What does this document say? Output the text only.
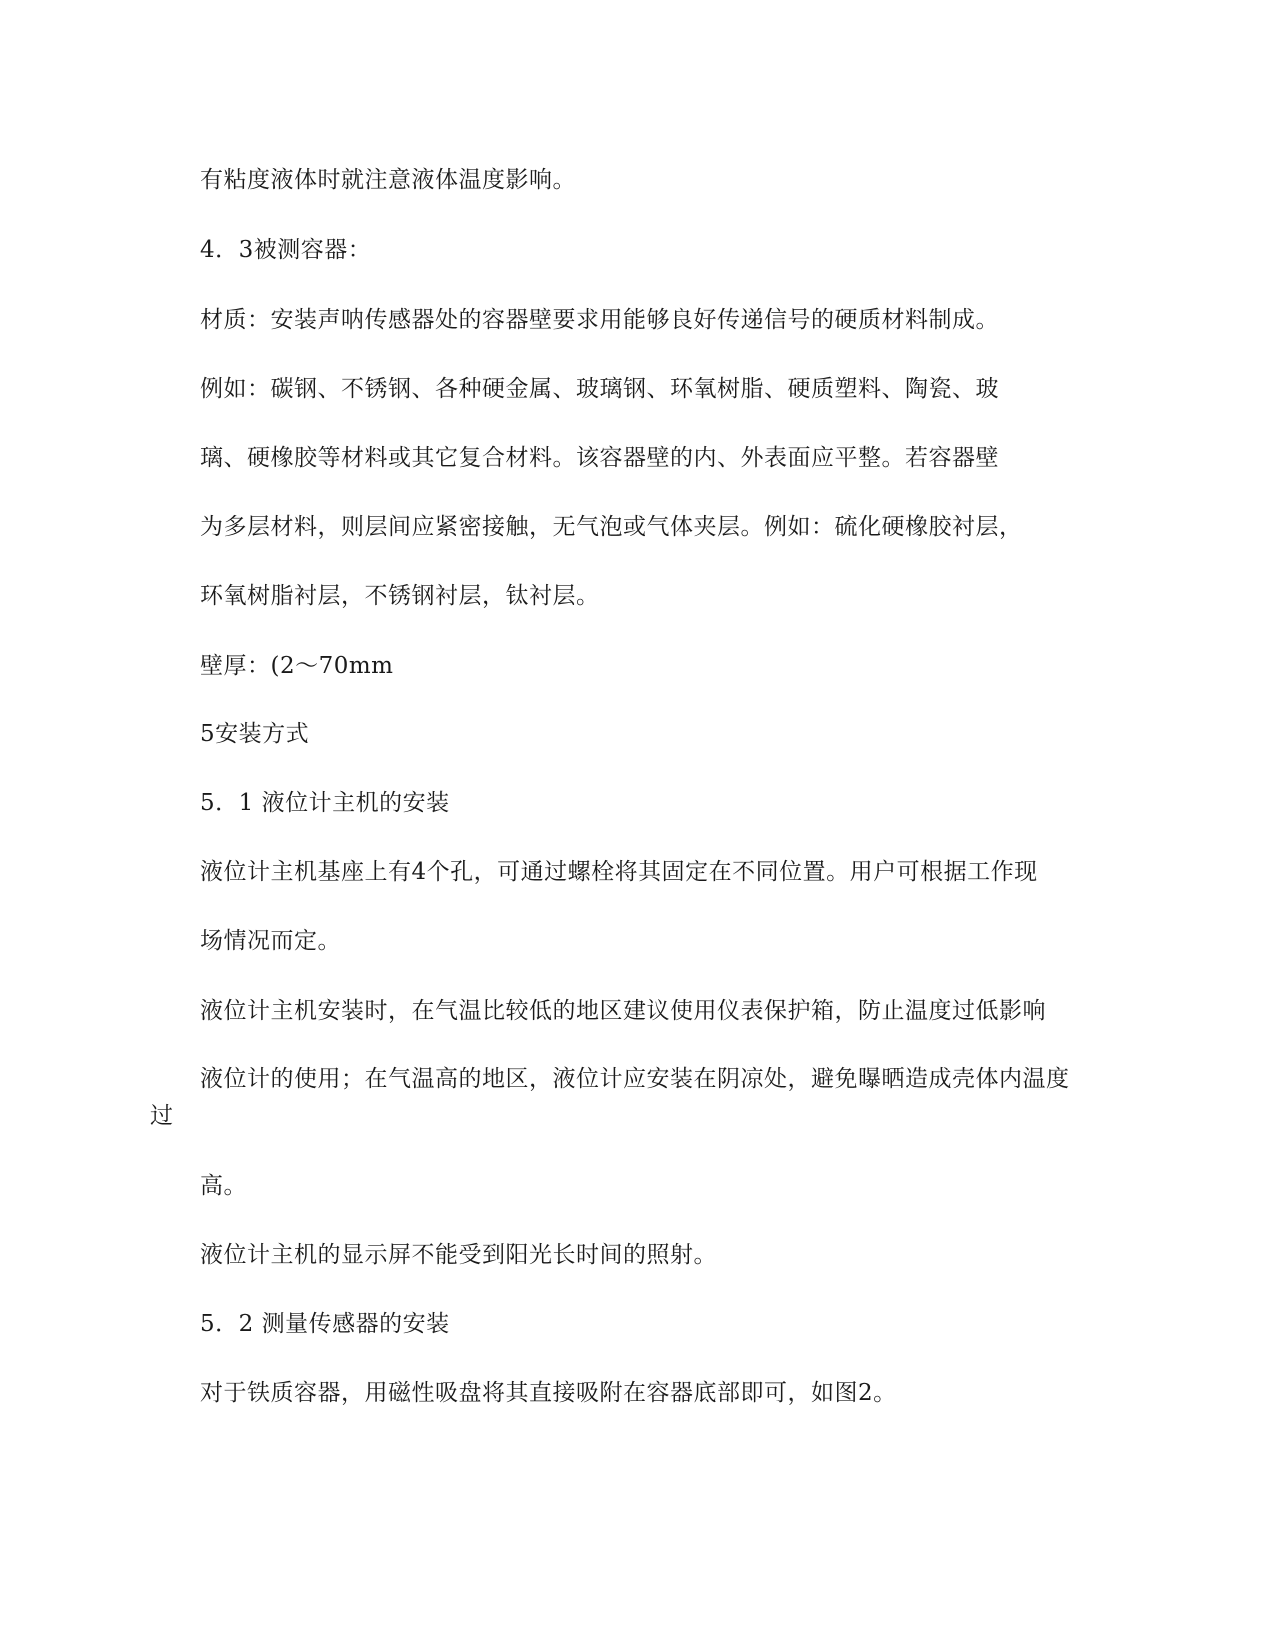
有粘度液体时就注意液体温度影响。
4．3被测容器：
材质：安装声呐传感器处的容器壁要求用能够良好传递信号的硬质材料制成。
例如：碳钢、不锈钢、各种硬金属、玻璃钢、环氧树脂、硬质塑料、陶瓷、玻
璃、硬橡胶等材料或其它复合材料。该容器壁的内、外表面应平整。若容器壁
为多层材料，则层间应紧密接触，无气泡或气体夹层。例如：硫化硬橡胶衬层，
环氧树脂衬层，不锈钢衬层，钛衬层。
壁厚：(2～70mm
5安装方式
5．1 液位计主机的安装
液位计主机基座上有4个孔，可通过螺栓将其固定在不同位置。用户可根据工作现
场情况而定。
液位计主机安装时，在气温比较低的地区建议使用仪表保护箱，防止温度过低影响
液位计的使用；在气温高的地区，液位计应安装在阴凉处，避免曝晒造成壳体内温度
过
高。
液位计主机的显示屏不能受到阳光长时间的照射。
5．2 测量传感器的安装
对于铁质容器，用磁性吸盘将其直接吸附在容器底部即可，如图2。
